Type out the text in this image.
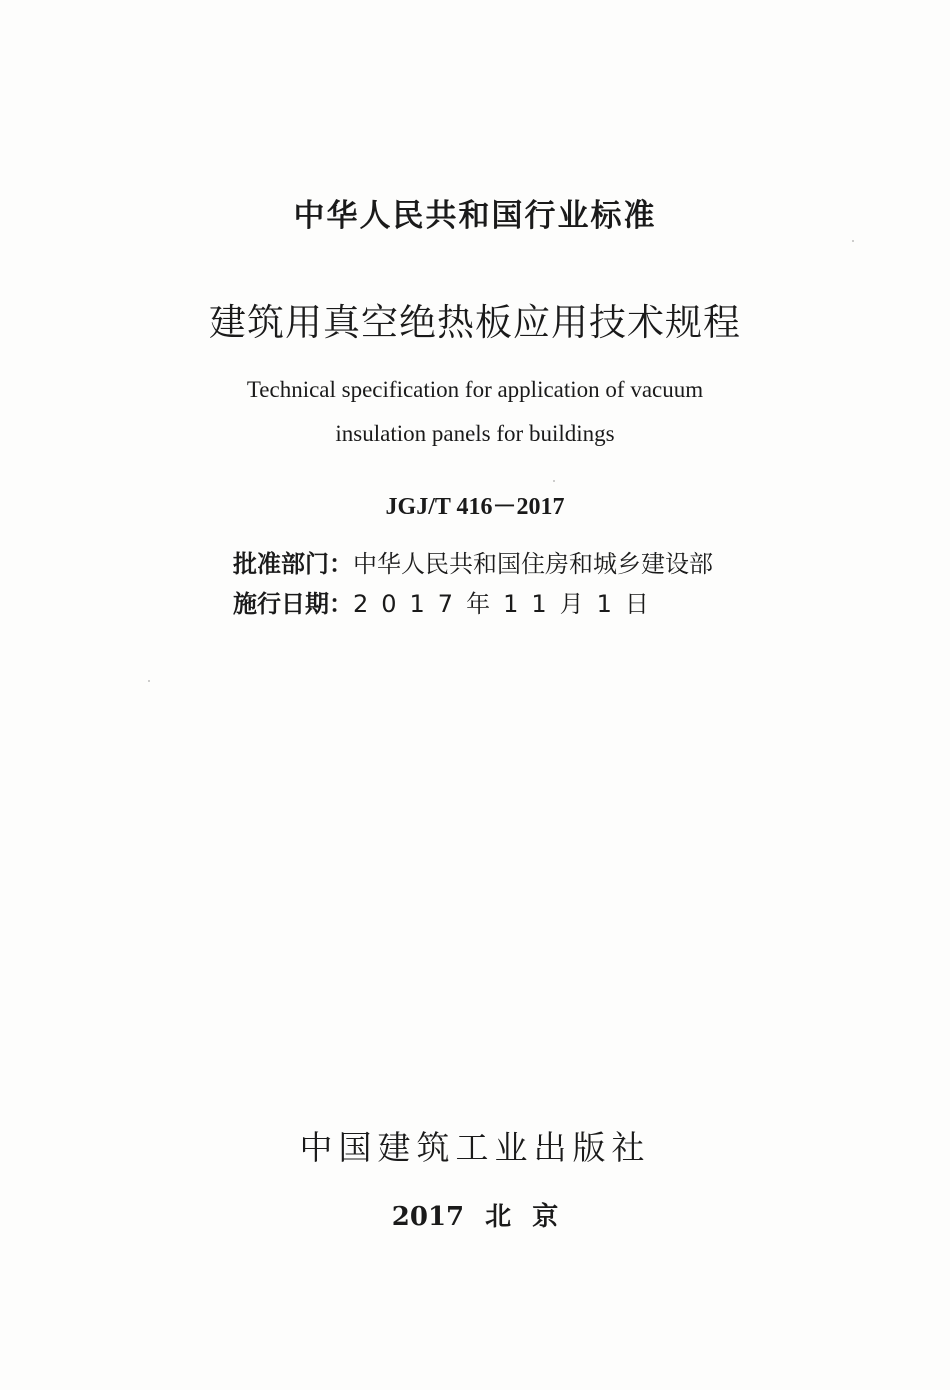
中华人民共和国行业标准
建筑用真空绝热板应用技术规程
Technical specification for application of vacuum
insulation panels for buildings
JGJ/T 416－2017
批准部门：中华人民共和国住房和城乡建设部
施行日期：2017年11月1日
中国建筑工业出版社
2017 北 京
